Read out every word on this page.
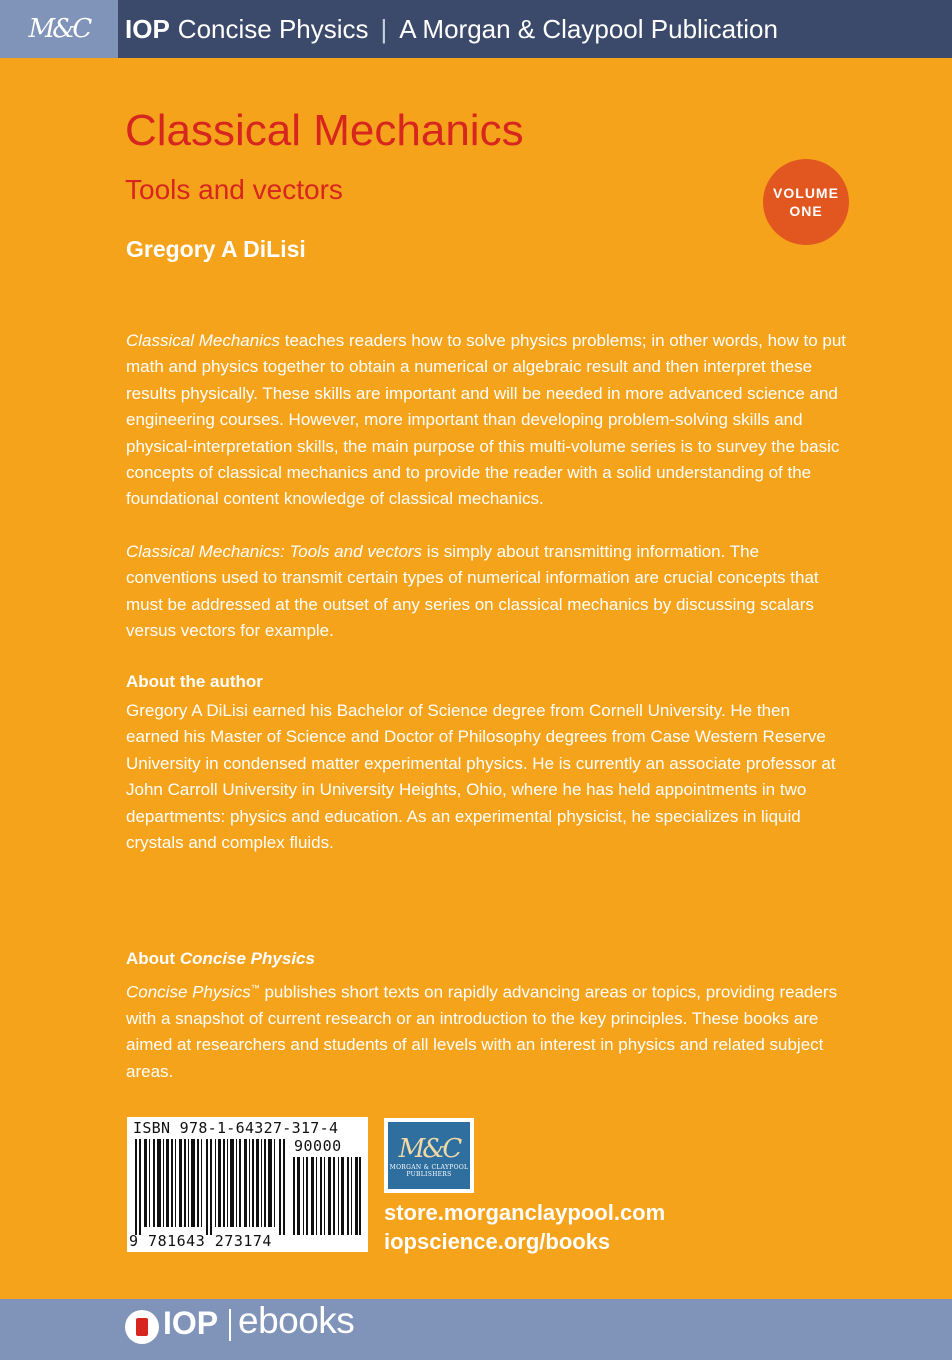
M&C IOP Concise Physics | A Morgan & Claypool Publication
Classical Mechanics
Tools and vectors
Gregory A DiLisi
VOLUME
ONE
Classical Mechanics teaches readers how to solve physics problems; in other words, how to put math and physics together to obtain a numerical or algebraic result and then interpret these results physically. These skills are important and will be needed in more advanced science and engineering courses. However, more important than developing problem-solving skills and physical-interpretation skills, the main purpose of this multi-volume series is to survey the basic concepts of classical mechanics and to provide the reader with a solid understanding of the foundational content knowledge of classical mechanics.
Classical Mechanics: Tools and vectors is simply about transmitting information. The conventions used to transmit certain types of numerical information are crucial concepts that must be addressed at the outset of any series on classical mechanics by discussing scalars versus vectors for example.
About the author
Gregory A DiLisi earned his Bachelor of Science degree from Cornell University. He then earned his Master of Science and Doctor of Philosophy degrees from Case Western Reserve University in condensed matter experimental physics. He is currently an associate professor at John Carroll University in University Heights, Ohio, where he has held appointments in two departments: physics and education. As an experimental physicist, he specializes in liquid crystals and complex fluids.
About Concise Physics
Concise Physics™ publishes short texts on rapidly advancing areas or topics, providing readers with a snapshot of current research or an introduction to the key principles. These books are aimed at researchers and students of all levels with an interest in physics and related subject areas.
ISBN 978-1-64327-317-4
90000
9 781643 273174
M&C
MORGAN & CLAYPOOL
PUBLISHERS
store.morganclaypool.com
iopscience.org/books
IOP ebooks
